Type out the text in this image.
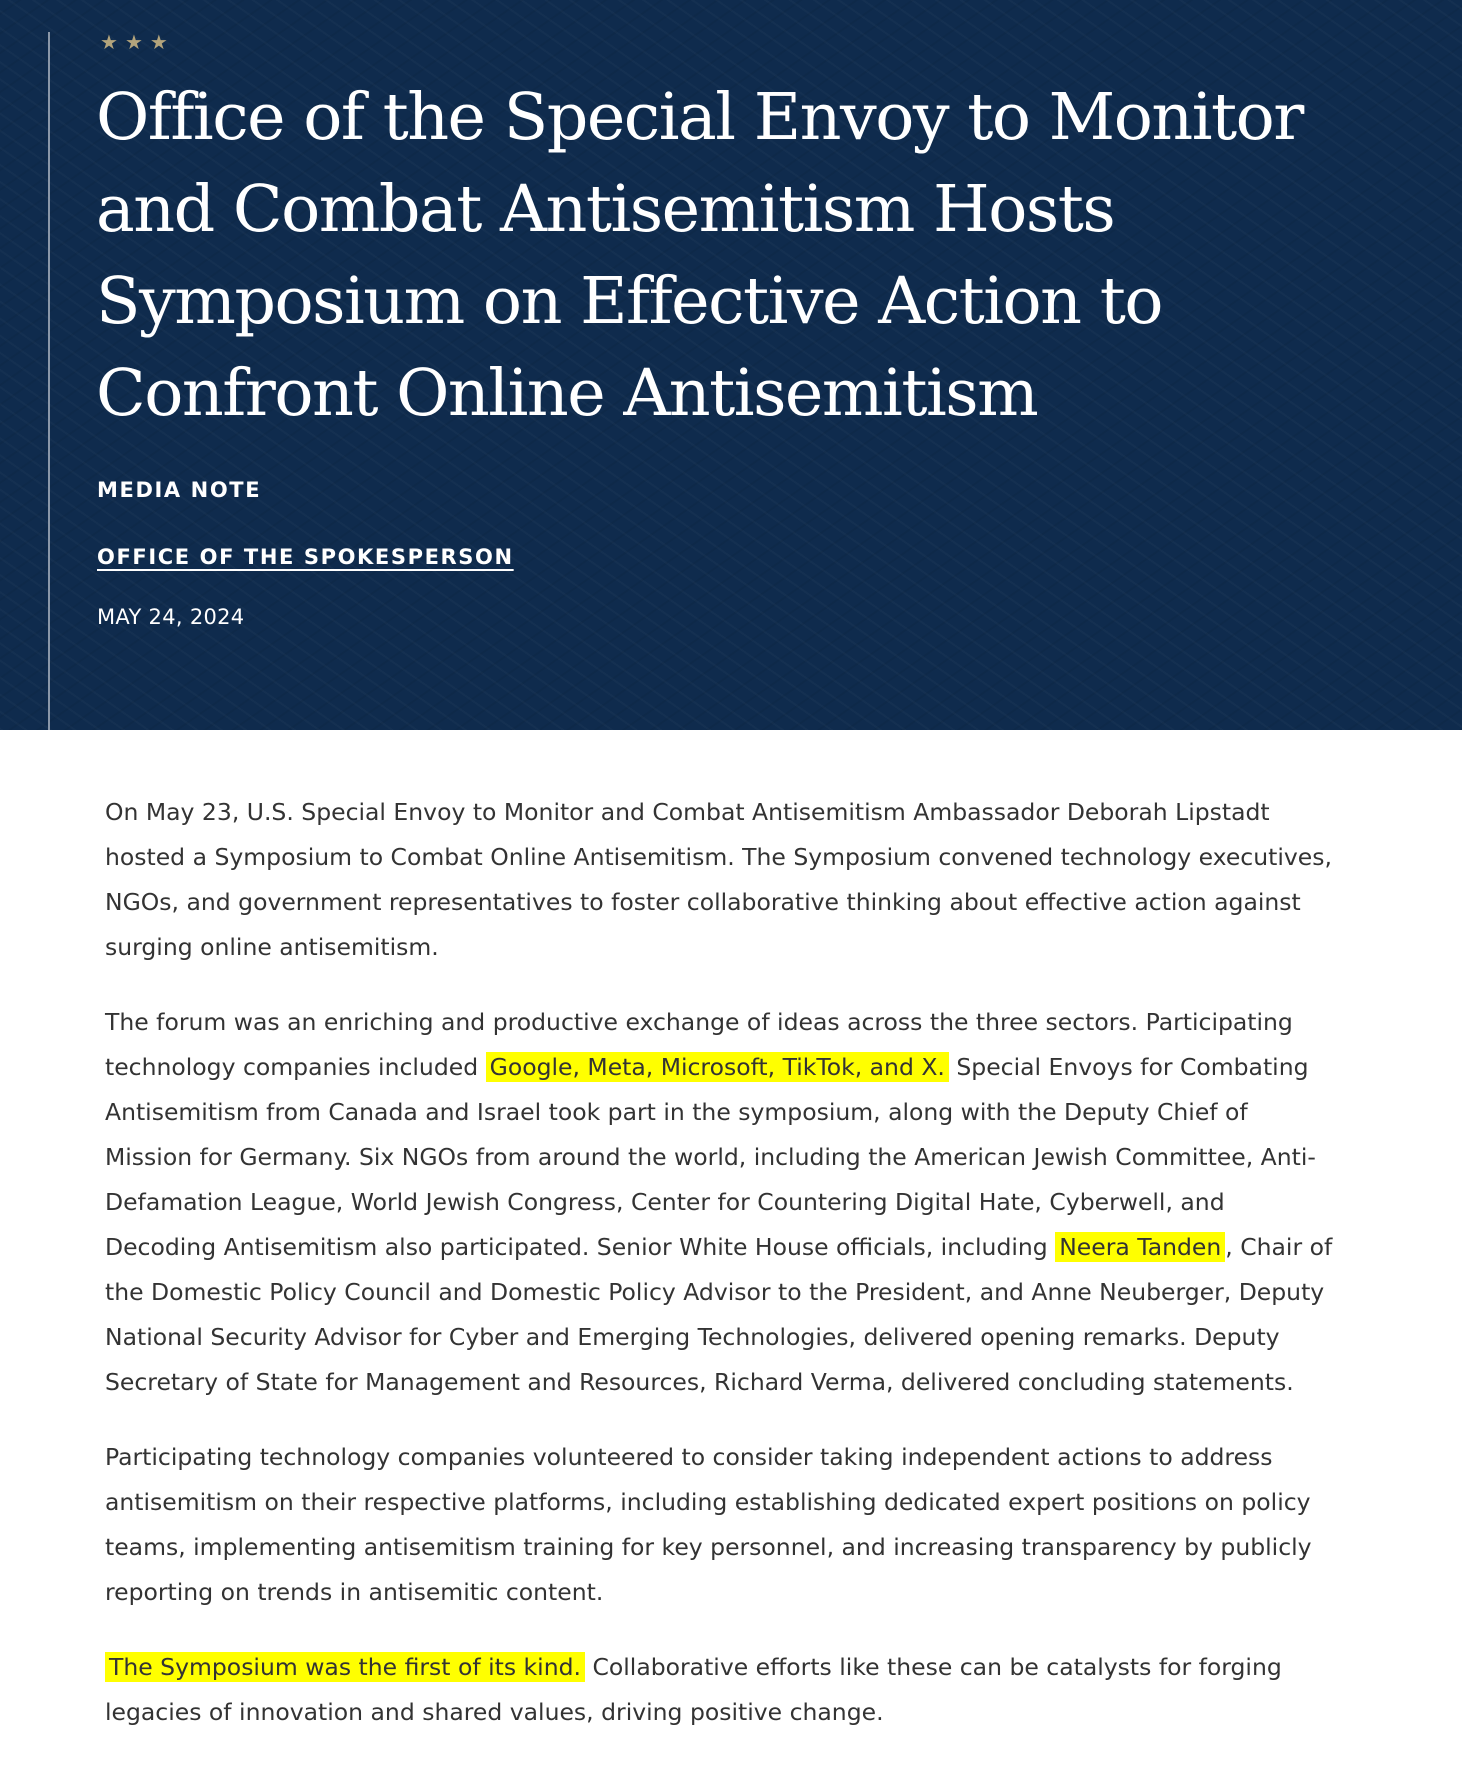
★ ★ ★
Office of the Special Envoy to Monitor and Combat Antisemitism Hosts Symposium on Effective Action to Confront Online Antisemitism
MEDIA NOTE
OFFICE OF THE SPOKESPERSON
MAY 24, 2024

On May 23, U.S. Special Envoy to Monitor and Combat Antisemitism Ambassador Deborah Lipstadt hosted a Symposium to Combat Online Antisemitism. The Symposium convened technology executives, NGOs, and government representatives to foster collaborative thinking about effective action against surging online antisemitism.

The forum was an enriching and productive exchange of ideas across the three sectors. Participating technology companies included Google, Meta, Microsoft, TikTok, and X. Special Envoys for Combating Antisemitism from Canada and Israel took part in the symposium, along with the Deputy Chief of Mission for Germany. Six NGOs from around the world, including the American Jewish Committee, Anti-Defamation League, World Jewish Congress, Center for Countering Digital Hate, Cyberwell, and Decoding Antisemitism also participated. Senior White House officials, including Neera Tanden , Chair of the Domestic Policy Council and Domestic Policy Advisor to the President, and Anne Neuberger, Deputy National Security Advisor for Cyber and Emerging Technologies, delivered opening remarks. Deputy Secretary of State for Management and Resources, Richard Verma, delivered concluding statements.

Participating technology companies volunteered to consider taking independent actions to address antisemitism on their respective platforms, including establishing dedicated expert positions on policy teams, implementing antisemitism training for key personnel, and increasing transparency by publicly reporting on trends in antisemitic content.

The Symposium was the first of its kind. Collaborative efforts like these can be catalysts for forging legacies of innovation and shared values, driving positive change.
